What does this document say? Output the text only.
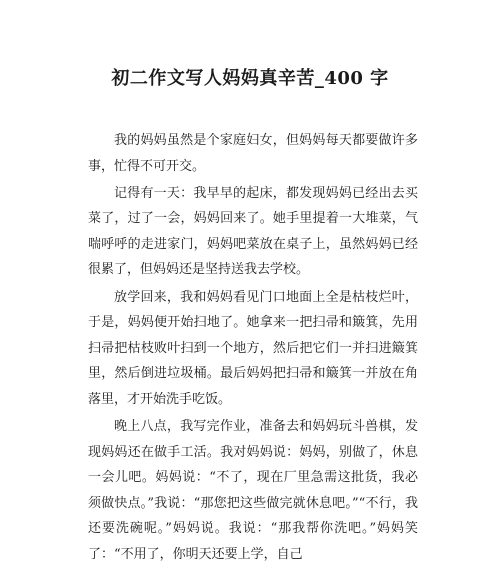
初二作文写人妈妈真辛苦_400 字

我的妈妈虽然是个家庭妇女，但妈妈每天都要做许多事，忙得不可开交。

记得有一天：我早早的起床，都发现妈妈已经出去买菜了，过了一会，妈妈回来了。她手里提着一大堆菜，气喘呼呼的走进家门，妈妈吧菜放在桌子上，虽然妈妈已经很累了，但妈妈还是坚持送我去学校。

放学回来，我和妈妈看见门口地面上全是枯枝烂叶，于是，妈妈便开始扫地了。她拿来一把扫帚和簸箕，先用扫帚把枯枝败叶扫到一个地方，然后把它们一并扫进簸箕里，然后倒进垃圾桶。最后妈妈把扫帚和簸箕一并放在角落里，才开始洗手吃饭。

晚上八点，我写完作业，准备去和妈妈玩斗兽棋，发现妈妈还在做手工活。我对妈妈说：妈妈，别做了，休息一会儿吧。妈妈说：“不了，现在厂里急需这批货，我必须做快点。”我说：“那您把这些做完就休息吧。”“不行，我还要洗碗呢。”妈妈说。我说：“那我帮你洗吧。”妈妈笑了：“不用了，你明天还要上学，自己
